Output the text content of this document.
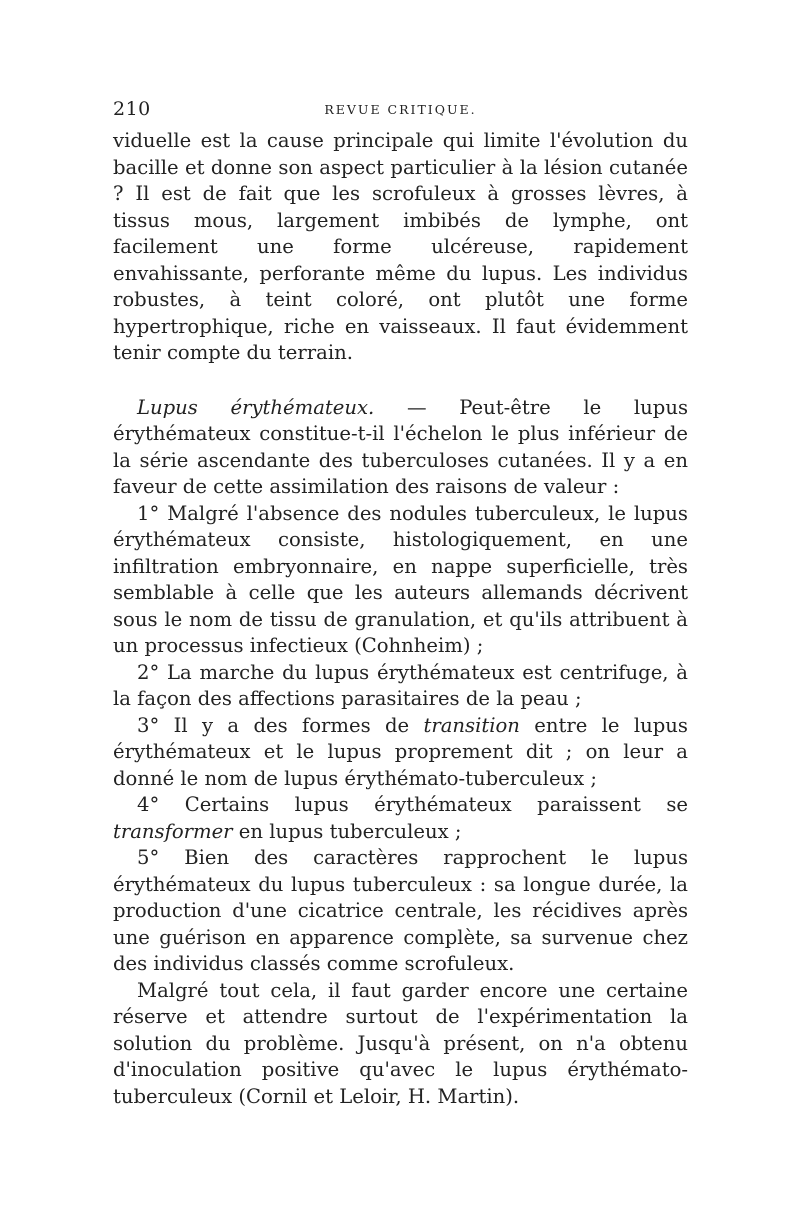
210	REVUE CRITIQUE.

viduelle est la cause principale qui limite l'évolution du bacille et donne son aspect particulier à la lésion cutanée ? Il est de fait que les scrofuleux à grosses lèvres, à tissus mous, largement imbibés de lymphe, ont facilement une forme ulcéreuse, rapidement envahissante, perforante même du lupus. Les individus robustes, à teint coloré, ont plutôt une forme hypertrophique, riche en vaisseaux. Il faut évidemment tenir compte du terrain.

Lupus érythémateux. — Peut-être le lupus érythémateux constitue-t-il l'échelon le plus inférieur de la série ascendante des tuberculoses cutanées. Il y a en faveur de cette assimilation des raisons de valeur :

1° Malgré l'absence des nodules tuberculeux, le lupus érythémateux consiste, histologiquement, en une infiltration embryonnaire, en nappe superficielle, très semblable à celle que les auteurs allemands décrivent sous le nom de tissu de granulation, et qu'ils attribuent à un processus infectieux (Cohnheim) ;

2° La marche du lupus érythémateux est centrifuge, à la façon des affections parasitaires de la peau ;

3° Il y a des formes de transition entre le lupus érythémateux et le lupus proprement dit ; on leur a donné le nom de lupus érythémato-tuberculeux ;

4° Certains lupus érythémateux paraissent se transformer en lupus tuberculeux ;

5° Bien des caractères rapprochent le lupus érythémateux du lupus tuberculeux : sa longue durée, la production d'une cicatrice centrale, les récidives après une guérison en apparence complète, sa survenue chez des individus classés comme scrofuleux.

Malgré tout cela, il faut garder encore une certaine réserve et attendre surtout de l'expérimentation la solution du problème. Jusqu'à présent, on n'a obtenu d'inoculation positive qu'avec le lupus érythémato-tuberculeux (Cornil et Leloir, H. Martin).
